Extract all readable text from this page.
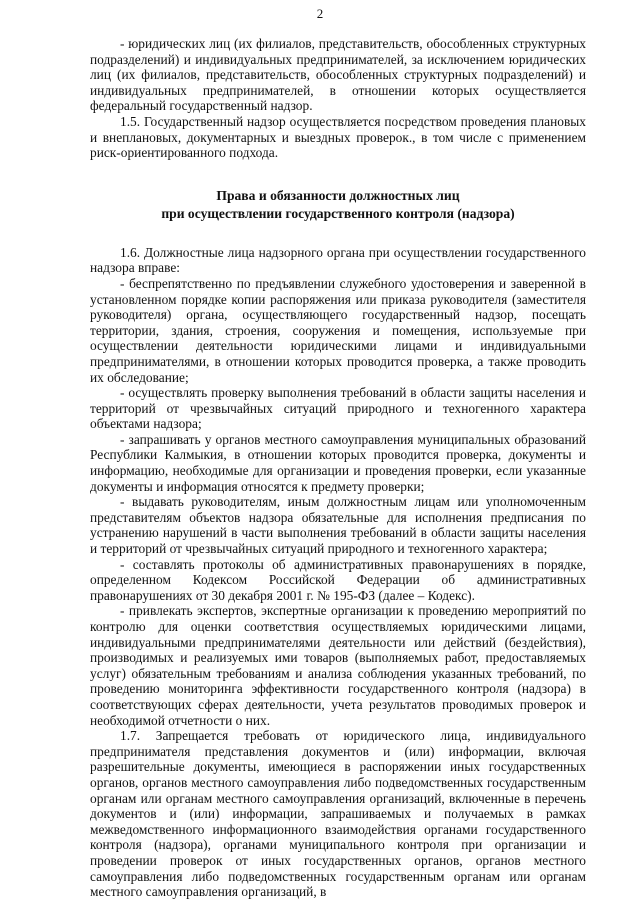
2

- юридических лиц (их филиалов, представительств, обособленных структурных подразделений) и индивидуальных предпринимателей, за исключением юридических лиц (их филиалов, представительств, обособленных структурных подразделений) и индивидуальных предпринимателей, в отношении которых осуществляется федеральный государственный надзор.

1.5. Государственный надзор осуществляется посредством проведения плановых и внеплановых, документарных и выездных проверок., в том числе с применением риск-ориентированного подхода.

Права и обязанности должностных лиц
при осуществлении государственного контроля (надзора)

1.6. Должностные лица надзорного органа при осуществлении государственного надзора вправе:

- беспрепятственно по предъявлении служебного удостоверения и заверенной в установленном порядке копии распоряжения или приказа руководителя (заместителя руководителя) органа, осуществляющего государственный надзор, посещать территории, здания, строения, сооружения и помещения, используемые при осуществлении деятельности юридическими лицами и индивидуальными предпринимателями, в отношении которых проводится проверка, а также проводить их обследование;

- осуществлять проверку выполнения требований в области защиты населения и территорий от чрезвычайных ситуаций природного и техногенного характера объектами надзора;

- запрашивать у органов местного самоуправления муниципальных образований Республики Калмыкия, в отношении которых проводится проверка, документы и информацию, необходимые для организации и проведения проверки, если указанные документы и информация относятся к предмету проверки;

- выдавать руководителям, иным должностным лицам или уполномоченным представителям объектов надзора обязательные для исполнения предписания по устранению нарушений в части выполнения требований в области защиты населения и территорий от чрезвычайных ситуаций природного и техногенного характера;

- составлять протоколы об административных правонарушениях в порядке, определенном Кодексом Российской Федерации об административных правонарушениях от 30 декабря 2001 г. № 195-ФЗ (далее – Кодекс).

- привлекать экспертов, экспертные организации к проведению мероприятий по контролю для оценки соответствия осуществляемых юридическими лицами, индивидуальными предпринимателями деятельности или действий (бездействия), производимых и реализуемых ими товаров (выполняемых работ, предоставляемых услуг) обязательным требованиям и анализа соблюдения указанных требований, по проведению мониторинга эффективности государственного контроля (надзора) в соответствующих сферах деятельности, учета результатов проводимых проверок и необходимой отчетности о них.

1.7. Запрещается требовать от юридического лица, индивидуального предпринимателя представления документов и (или) информации, включая разрешительные документы, имеющиеся в распоряжении иных государственных органов, органов местного самоуправления либо подведомственных государственным органам или органам местного самоуправления организаций, включенные в перечень документов и (или) информации, запрашиваемых и получаемых в рамках межведомственного информационного взаимодействия органами государственного контроля (надзора), органами муниципального контроля при организации и проведении проверок от иных государственных органов, органов местного самоуправления либо подведомственных государственным органам или органам местного самоуправления организаций, в
